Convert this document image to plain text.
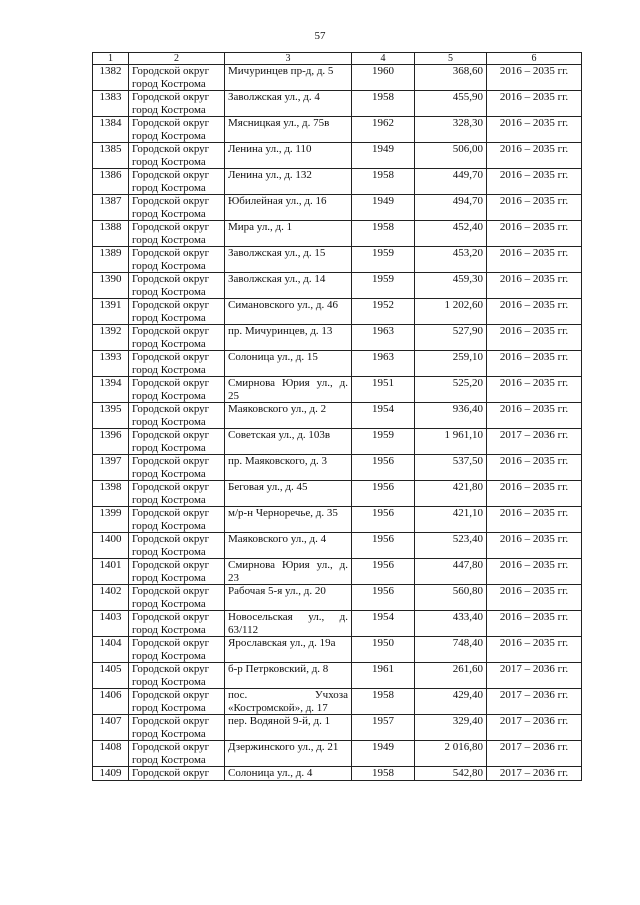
57
1	2	3	4	5	6
1382	Городской округ город Кострома	Мичуринцев пр-д, д. 5	1960	368,60	2016 – 2035 гг.
1383	Городской округ город Кострома	Заволжская ул., д. 4	1958	455,90	2016 – 2035 гг.
1384	Городской округ город Кострома	Мясницкая ул., д. 75в	1962	328,30	2016 – 2035 гг.
1385	Городской округ город Кострома	Ленина ул., д. 110	1949	506,00	2016 – 2035 гг.
1386	Городской округ город Кострома	Ленина ул., д. 132	1958	449,70	2016 – 2035 гг.
1387	Городской округ город Кострома	Юбилейная ул., д. 16	1949	494,70	2016 – 2035 гг.
1388	Городской округ город Кострома	Мира ул., д. 1	1958	452,40	2016 – 2035 гг.
1389	Городской округ город Кострома	Заволжская ул., д. 15	1959	453,20	2016 – 2035 гг.
1390	Городской округ город Кострома	Заволжская ул., д. 14	1959	459,30	2016 – 2035 гг.
1391	Городской округ город Кострома	Симановского ул., д. 46	1952	1 202,60	2016 – 2035 гг.
1392	Городской округ город Кострома	пр. Мичуринцев, д. 13	1963	527,90	2016 – 2035 гг.
1393	Городской округ город Кострома	Солоница ул., д. 15	1963	259,10	2016 – 2035 гг.
1394	Городской округ город Кострома	Смирнова Юрия ул., д. 25	1951	525,20	2016 – 2035 гг.
1395	Городской округ город Кострома	Маяковского ул., д. 2	1954	936,40	2016 – 2035 гг.
1396	Городской округ город Кострома	Советская ул., д. 103в	1959	1 961,10	2017 – 2036 гг.
1397	Городской округ город Кострома	пр. Маяковского, д. 3	1956	537,50	2016 – 2035 гг.
1398	Городской округ город Кострома	Беговая ул., д. 45	1956	421,80	2016 – 2035 гг.
1399	Городской округ город Кострома	м/р-н Черноречье, д. 35	1956	421,10	2016 – 2035 гг.
1400	Городской округ город Кострома	Маяковского ул., д. 4	1956	523,40	2016 – 2035 гг.
1401	Городской округ город Кострома	Смирнова Юрия ул., д. 23	1956	447,80	2016 – 2035 гг.
1402	Городской округ город Кострома	Рабочая 5-я ул., д. 20	1956	560,80	2016 – 2035 гг.
1403	Городской округ город Кострома	Новосельская ул., д. 63/112	1954	433,40	2016 – 2035 гг.
1404	Городской округ город Кострома	Ярославская ул., д. 19а	1950	748,40	2016 – 2035 гг.
1405	Городской округ город Кострома	б-р Петрковский, д. 8	1961	261,60	2017 – 2036 гг.
1406	Городской округ город Кострома	пос. Учхоза «Костромской», д. 17	1958	429,40	2017 – 2036 гг.
1407	Городской округ город Кострома	пер. Водяной 9-й, д. 1	1957	329,40	2017 – 2036 гг.
1408	Городской округ город Кострома	Дзержинского ул., д. 21	1949	2 016,80	2017 – 2036 гг.
1409	Городской округ	Солоница ул., д. 4	1958	542,80	2017 – 2036 гг.
